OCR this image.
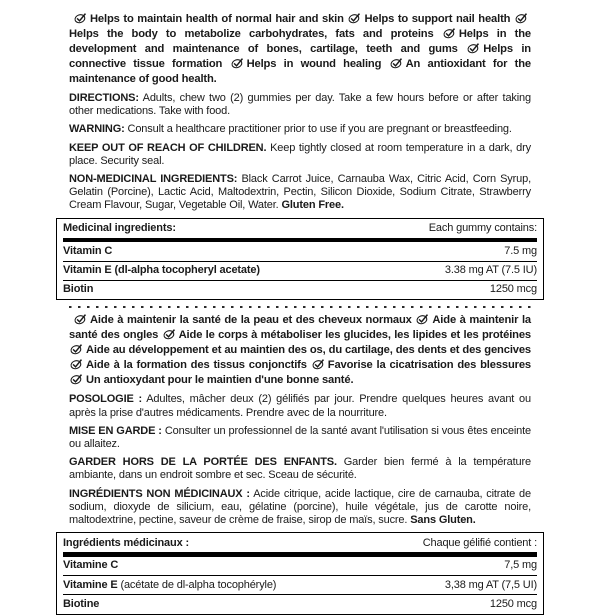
Helps to maintain health of normal hair and skin Helps to support nail health Helps the body to metabolize carbohydrates, fats and proteins Helps in the development and maintenance of bones, cartilage, teeth and gums Helps in connective tissue formation Helps in wound healing An antioxidant for the maintenance of good health.

DIRECTIONS: Adults, chew two (2) gummies per day. Take a few hours before or after taking other medications. Take with food.

WARNING: Consult a healthcare practitioner prior to use if you are pregnant or breastfeeding.

KEEP OUT OF REACH OF CHILDREN. Keep tightly closed at room temperature in a dark, dry place. Security seal.

NON-MEDICINAL INGREDIENTS: Black Carrot Juice, Carnauba Wax, Citric Acid, Corn Syrup, Gelatin (Porcine), Lactic Acid, Maltodextrin, Pectin, Silicon Dioxide, Sodium Citrate, Strawberry Cream Flavour, Sugar, Vegetable Oil, Water. Gluten Free.

Medicinal ingredients:	Each gummy contains:
Vitamin C	7.5 mg
Vitamin E (dl-alpha tocopheryl acetate)	3.38 mg AT (7.5 IU)
Biotin	1250 mcg

Aide à maintenir la santé de la peau et des cheveux normaux Aide à maintenir la santé des ongles Aide le corps à métaboliser les glucides, les lipides et les protéines Aide au développement et au maintien des os, du cartilage, des dents et des gencives Aide à la formation des tissus conjonctifs Favorise la cicatrisation des blessures Un antioxydant pour le maintien d'une bonne santé.

POSOLOGIE : Adultes, mâcher deux (2) gélifiés par jour. Prendre quelques heures avant ou après la prise d'autres médicaments. Prendre avec de la nourriture.

MISE EN GARDE : Consulter un professionnel de la santé avant l'utilisation si vous êtes enceinte ou allaitez.

GARDER HORS DE LA PORTÉE DES ENFANTS. Garder bien fermé à la température ambiante, dans un endroit sombre et sec. Sceau de sécurité.

INGRÉDIENTS NON MÉDICINAUX : Acide citrique, acide lactique, cire de carnauba, citrate de sodium, dioxyde de silicium, eau, gélatine (porcine), huile végétale, jus de carotte noire, maltodextrine, pectine, saveur de crème de fraise, sirop de maïs, sucre. Sans Gluten.

Ingrédients médicinaux :	Chaque gélifié contient :
Vitamine C	7,5 mg
Vitamine E (acétate de dl-alpha tocophéryle)	3,38 mg AT (7,5 UI)
Biotine	1250 mcg
